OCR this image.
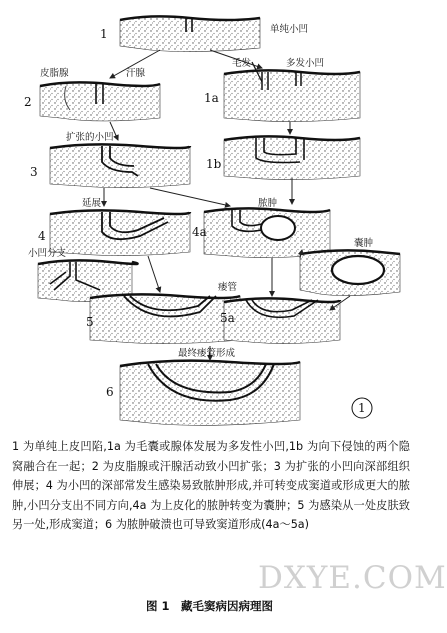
1
2	1a
3
1b
4	4a
5	5a
6
单纯小凹
皮脂腺	汗腺
毛发	多发小凹
扩张的小凹
延展	脓肿
囊肿
小凹分支
瘘管
最终瘘管形成
1

1 为单纯上皮凹陷,1a 为毛囊或腺体发展为多发性小凹,1b 为向下侵蚀的两个隐窝融合在一起；2 为皮脂腺或汗腺活动致小凹扩张；3 为扩张的小凹向深部组织伸展；4 为小凹的深部常发生感染易致脓肿形成,并可转变成窦道或形成更大的脓肿,小凹分支出不同方向,4a 为上皮化的脓肿转变为囊肿；5 为感染从一处皮肤致另一处,形成窦道；6 为脓肿破溃也可导致窦道形成(4a～5a)

DXYE.COM
图 1　藏毛窦病因病理图
